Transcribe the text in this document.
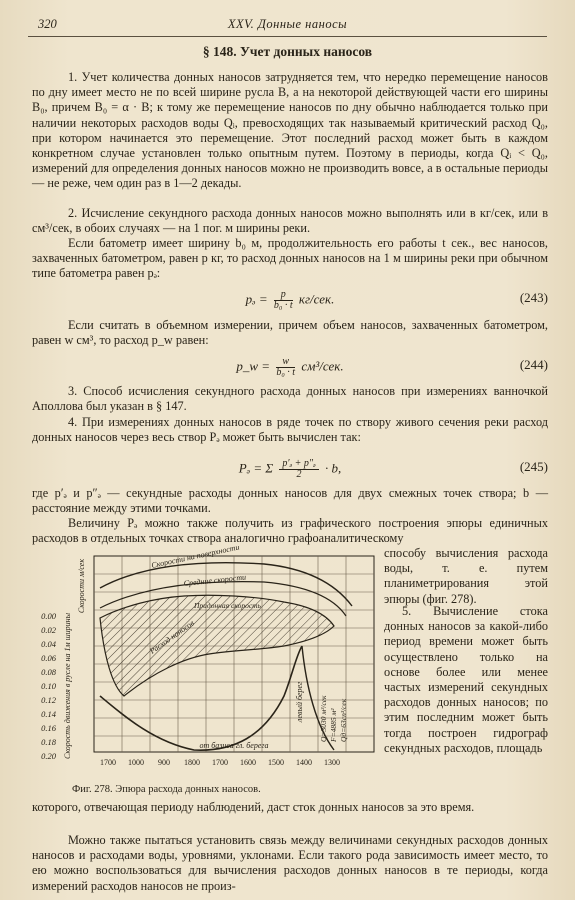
320	XXV. Донные наносы
§ 148. Учет донных наносов
1. Учет количества донных наносов затрудняется тем, что нередко перемещение наносов по дну имеет место не по всей ширине русла B, а на некоторой действующей части его ширины B₀, причем B₀ = α · B; к тому же перемещение наносов по дну обычно наблюдается только при наличии некоторых расходов воды Qᵢ, превосходящих так называемый критический расход Q₀, при котором начинается это перемещение. Этот последний расход может быть в каждом конкретном случае установлен только опытным путем. Поэтому в периоды, когда Qᵢ < Q₀, измерений для определения донных наносов можно не производить вовсе, а в остальные периоды — не реже, чем один раз в 1—2 декады.
2. Исчисление секундного расхода донных наносов можно выполнять или в кг/сек, или в см³/сек, в обоих случаях — на 1 пог. м ширины реки.
Если батометр имеет ширину b₀ м, продолжительность его работы t сек., вес наносов, захваченных батометром, равен p кг, то расход донных наносов на 1 м ширины реки при обычном типе батометра равен pₔ:
pₔ = $\frac{p}{\text{b₀ · t}} кг/сек$.	(243)
Если считать в объемном измерении, причем объем наносов, захваченных батометром, равен w см³, то расход p_w равен:
p_w = $\frac{w}{\text{b₀ · t}} см^3/сек$.	(244)
3. Способ исчисления секундного расхода донных наносов при измерениях ванночкой Аполлова был указан в § 147.
4. При измерениях донных наносов в ряде точек по створу живого сечения реки расход донных наносов через весь створ Pₔ может быть вычислен так:
Pₔ = Σ $\frac{\text{p′ₔ + p″ₔ}}{2} \cdot b$,	(245)
где p′ₔ и p″ₔ — секундные расходы донных наносов для двух смежных точек створа; b — расстояние между этими точками.
Величину Pₔ можно также получить из графического построения эпюры единичных расходов в отдельных точках створа аналогично графоаналитическому
0.00
0.02
0.04
0.06
0.08
0.10
0.12
0.14
0.16
0.18
0.20 Скорость движения в русле на 1м ширины
Скорости м/сек
1700 1000 900 1800 1700 1600 1500 1400 1300
Скорости на поверхности
Средние скорости
Придонная скорость
Расход наносов
левый берег Q=3030 м³/сек F=4885 м² Qд=63сп³/сек
от базиса гл. берега
Фиг. 278. Эпюра расхода донных наносов.
способу вычисления расхода воды, т. е. путем планиметрирования этой эпюры (фиг. 278).
5. Вычисление стока донных наносов за какой-либо период времени может быть осуществлено только на основе более или менее частых измерений секундных расходов донных наносов; по этим последним может быть тогда построен гидрограф секундных расходов, площадь
которого, отвечающая периоду наблюдений, даст сток донных наносов за это время.
Можно также пытаться установить связь между величинами секундных расходов донных наносов и расходами воды, уровнями, уклонами. Если такого рода зависимость имеет место, то ею можно воспользоваться для вычисления расходов донных наносов в те периоды, когда измерений расходов наносов не произ-
